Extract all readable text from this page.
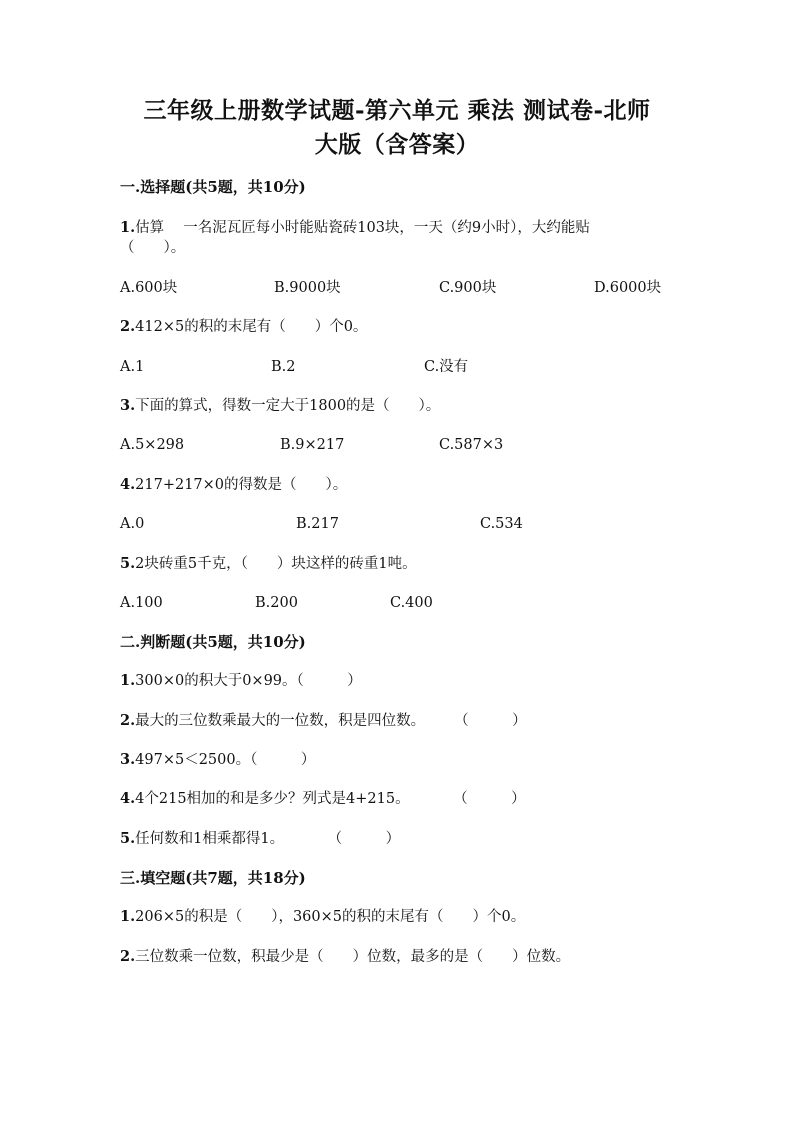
三年级上册数学试题-第六单元 乘法 测试卷-北师
大版（含答案）
一.选择题(共5题，共10分)
1.估算　 一名泥瓦匠每小时能贴瓷砖103块，一天（约9小时），大约能贴
（　　）。
A.600块	B.9000块	C.900块	D.6000块
2.412×5的积的末尾有（　　）个0。
A.1	B.2	C.没有
3.下面的算式，得数一定大于1800的是（　　）。
A.5×298	B.9×217	C.587×3
4.217+217×0的得数是（　　）。
A.0	B.217	C.534
5.2块砖重5千克，（　　）块这样的砖重1吨。
A.100	B.200	C.400
二.判断题(共5题，共10分)
1.300×0的积大于0×99。（　　　）
2.最大的三位数乘最大的一位数，积是四位数。　　　（　　　）
3.497×5＜2500。（　　　）
4.4个215相加的和是多少？列式是4+215。　　　　（　　　）
5.任何数和1相乘都得1。　　　　（　　　）
三.填空题(共7题，共18分)
1.206×5的积是（　　），360×5的积的末尾有（　　）个0。
2.三位数乘一位数，积最少是（　　）位数，最多的是（　　）位数。
